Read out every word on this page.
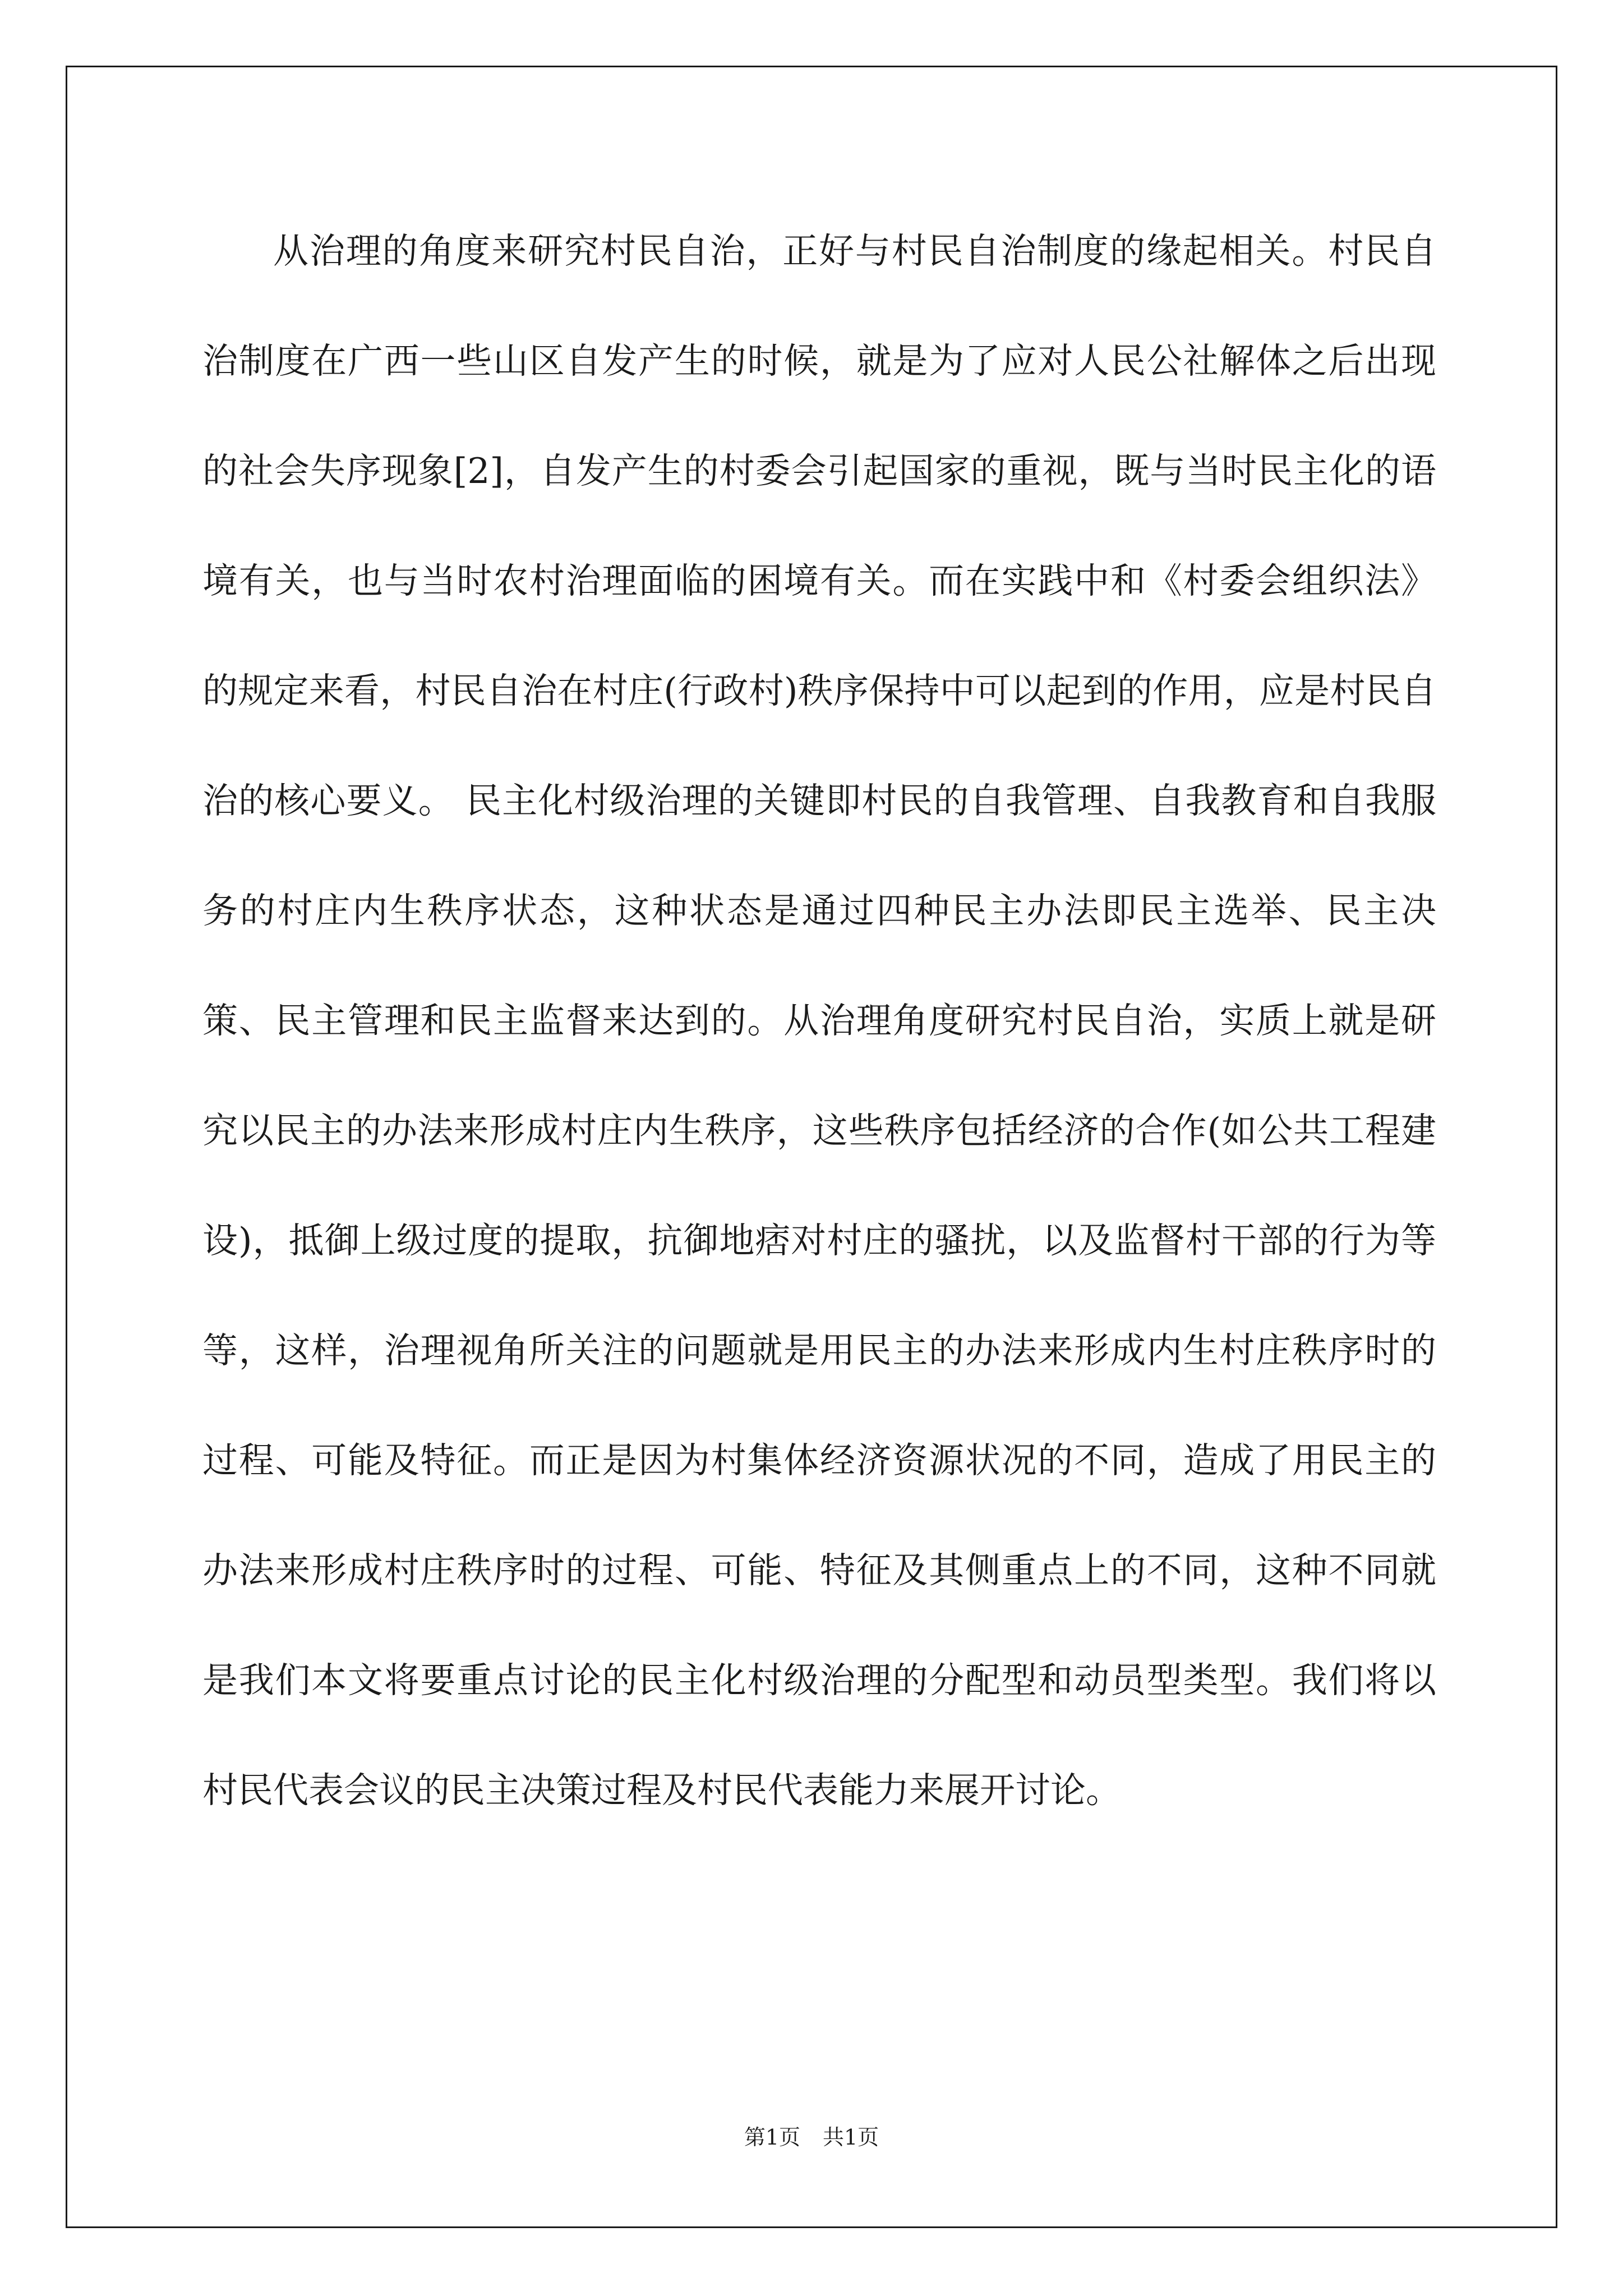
从治理的角度来研究村民自治，正好与村民自治制度的缘起相关。村民自治制度在广西一些山区自发产生的时候，就是为了应对人民公社解体之后出现的社会失序现象[2]，自发产生的村委会引起国家的重视，既与当时民主化的语境有关，也与当时农村治理面临的困境有关。而在实践中和《村委会组织法》的规定来看，村民自治在村庄(行政村)秩序保持中可以起到的作用，应是村民自治的核心要义。 民主化村级治理的关键即村民的自我管理、自我教育和自我服务的村庄内生秩序状态，这种状态是通过四种民主办法即民主选举、民主决策、民主管理和民主监督来达到的。从治理角度研究村民自治，实质上就是研究以民主的办法来形成村庄内生秩序，这些秩序包括经济的合作(如公共工程建设)，抵御上级过度的提取，抗御地痞对村庄的骚扰，以及监督村干部的行为等等，这样，治理视角所关注的问题就是用民主的办法来形成内生村庄秩序时的过程、可能及特征。而正是因为村集体经济资源状况的不同，造成了用民主的办法来形成村庄秩序时的过程、可能、特征及其侧重点上的不同，这种不同就是我们本文将要重点讨论的民主化村级治理的分配型和动员型类型。我们将以村民代表会议的民主决策过程及村民代表能力来展开讨论。

第1页 共1页
